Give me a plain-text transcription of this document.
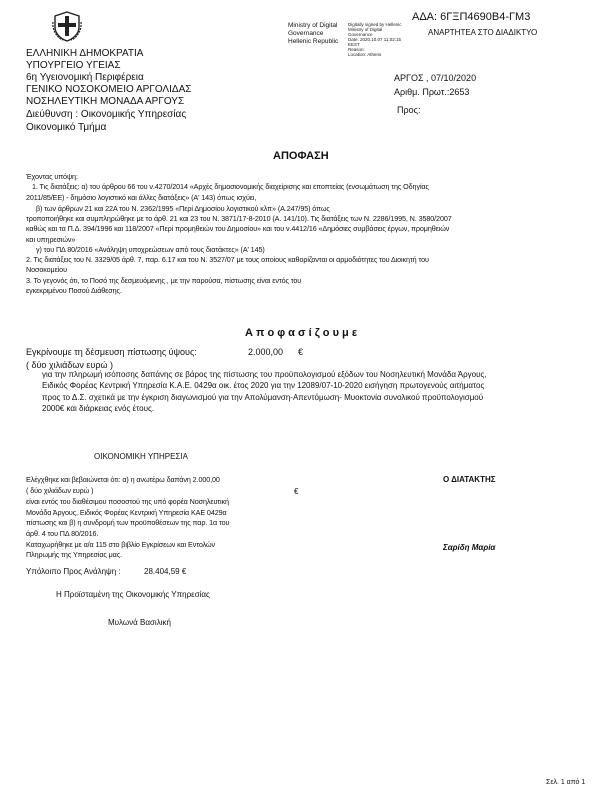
Ministry of Digital
Governance
Hellenic Republic
Digitally signed by Hellenic
Ministry of Digital
Governance
Date: 2020.10.07 11:02:15
EEST
Reason:
Location: Athens
ΑΔΑ: 6ΓΞΠ4690Β4-ΓΜ3
ΑΝΑΡΤΗΤΕΑ ΣΤΟ ΔΙΑΔΙΚΤΥΟ
ΕΛΛΗΝΙΚΗ ΔΗΜΟΚΡΑΤΙΑ
ΥΠΟΥΡΓΕΙΟ ΥΓΕΙΑΣ
6η Υγειονομική Περιφέρεια
ΓΕΝΙΚΟ ΝΟΣΟΚΟΜΕΙΟ ΑΡΓΟΛΙΔΑΣ
ΝΟΣΗΛΕΥΤΙΚΗ ΜΟΝΑΔΑ ΑΡΓΟΥΣ
Διεύθυνση : Οικονομικής Υπηρεσίας
Οικονομικό Τμήμα
ΑΡΓΟΣ , 07/10/2020
Αριθμ. Πρωτ.:2653
Προς:
ΑΠΟΦΑΣΗ
Έχοντας υπόψη:
1. Τις διατάξεις: α) του άρθρου 66 του ν.4270/2014 «Αρχές δημοσιονομικής διαχείρισης και εποπτείας (ενσωμάτωση της Οδηγίας
2011/85/ΕΕ) - δημόσιο λογιστικό και άλλες διατάξεις» (Α' 143) όπως ισχύει,
β) των άρθρων 21 και 22Α του Ν. 2362/1995 «Περί Δημοσίου λογιστικού κλπ» (Α.247/95) όπως
τροποποιήθηκε και συμπληρώθηκε με το άρθ. 21 και 23 του Ν. 3871/17-8-2010 (Α. 141/10). Τις διατάξεις των Ν. 2286/1995, Ν. 3580/2007
καθώς και τα Π.Δ. 394/1996 και 118/2007 «Περί προμηθειών του Δημοσίου» και του ν.4412/16 «Δημόσιες συμβάσεις έργων, προμηθειών
και υπηρεσιών»
γ) του ΠΔ 80/2016 «Ανάληψη υποχρεώσεων από τους διατάκτες» (Α' 145)
2. Τις διατάξεις του Ν. 3329/05 άρθ. 7, παρ. 6.17 και του Ν. 3527/07 με τους οποίους καθορίζονται οι αρμοδιότητες του Διοικητή του
Νοσοκομείου
3. Το γεγονός ότι, το Ποσό της δεσμευόμενης , με την παρούσα, πίστωσης είναι εντός του
εγκεκριμένου Ποσού Διάθεσης.
Α π ο φ α σ ί ζ ο υ μ ε
Εγκρίνουμε τη δέσμευση πίστωσης ύψους:	2.000,00 €
( δύο χιλιάδων ευρώ )
για την πληρωμή ισόποσης δαπάνης σε βάρος της πίστωσης του προϋπολογισμού εξόδων του Νοσηλευτική Μονάδα Άργους,
Ειδικός Φορέας Κεντρική Υπηρεσία Κ.Α.Ε. 0429α οικ. έτος 2020 για την 12089/07-10-2020 εισήγηση πρωτογενούς αιτήματος
προς το Δ.Σ. σχετικά με την έγκριση διαγωνισμού για την Απολύμανση-Απεντόμωση- Μυοκτονία συνολικού προϋπολογισμού
2000€ και διάρκειας ενός έτους.
ΟΙΚΟΝΟΜΙΚΗ ΥΠΗΡΕΣΙΑ
Ελέγχθηκε και βεβαιώνεται ότι: α) η ανωτέρω δαπάνη 2.000,00
( δύο χιλιάδων ευρώ )	€
είναι εντός του διαθέσιμου ποσοστού της υπό φορέα Νοσηλευτική
Μονάδα Άργους, Ειδικός Φορέας Κεντρική Υπηρεσία ΚΑΕ 0429α
πίστωσης και β) η συνδρομή των προϋποθέσεων της παρ. 1α του
άρθ. 4 του ΠΔ 80/2016.
Καταχωρήθηκε με α/α 115 στο βιβλίο Εγκρίσεων και Εντολών
Πληρωμής της Υπηρεσίας μας.
Υπόλοιπο Προς Ανάληψη :	28.404,59 €
Η Προϊσταμένη της Οικονομικής Υπηρεσίας
Μυλωνά Βασιλική
Ο ΔΙΑΤΑΚΤΗΣ
Σαρίδη Μαρία
Σελ. 1 από 1
